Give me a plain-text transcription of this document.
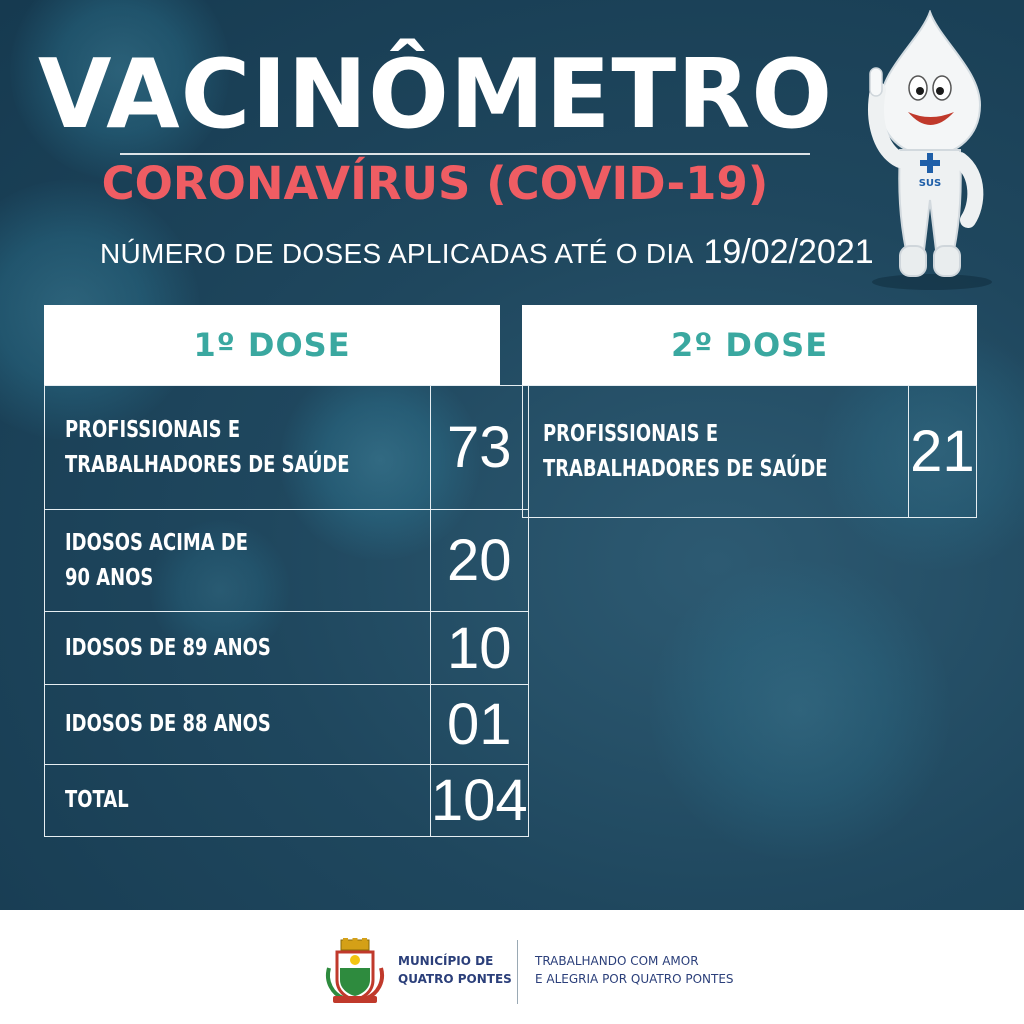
VACINÔMETRO
CORONAVÍRUS (COVID-19)
NÚMERO DE DOSES APLICADAS ATÉ O DIA 19/02/2021
SUS
1º DOSE
PROFISSIONAIS E
TRABALHADORES DE SAÚDE	73
IDOSOS ACIMA DE
90 ANOS	20
IDOSOS DE 89 ANOS	10
IDOSOS DE 88 ANOS	01
TOTAL	104
2º DOSE
PROFISSIONAIS E
TRABALHADORES DE SAÚDE	21
MUNICÍPIO DE
QUATRO PONTES
TRABALHANDO COM AMOR
E ALEGRIA POR QUATRO PONTES
